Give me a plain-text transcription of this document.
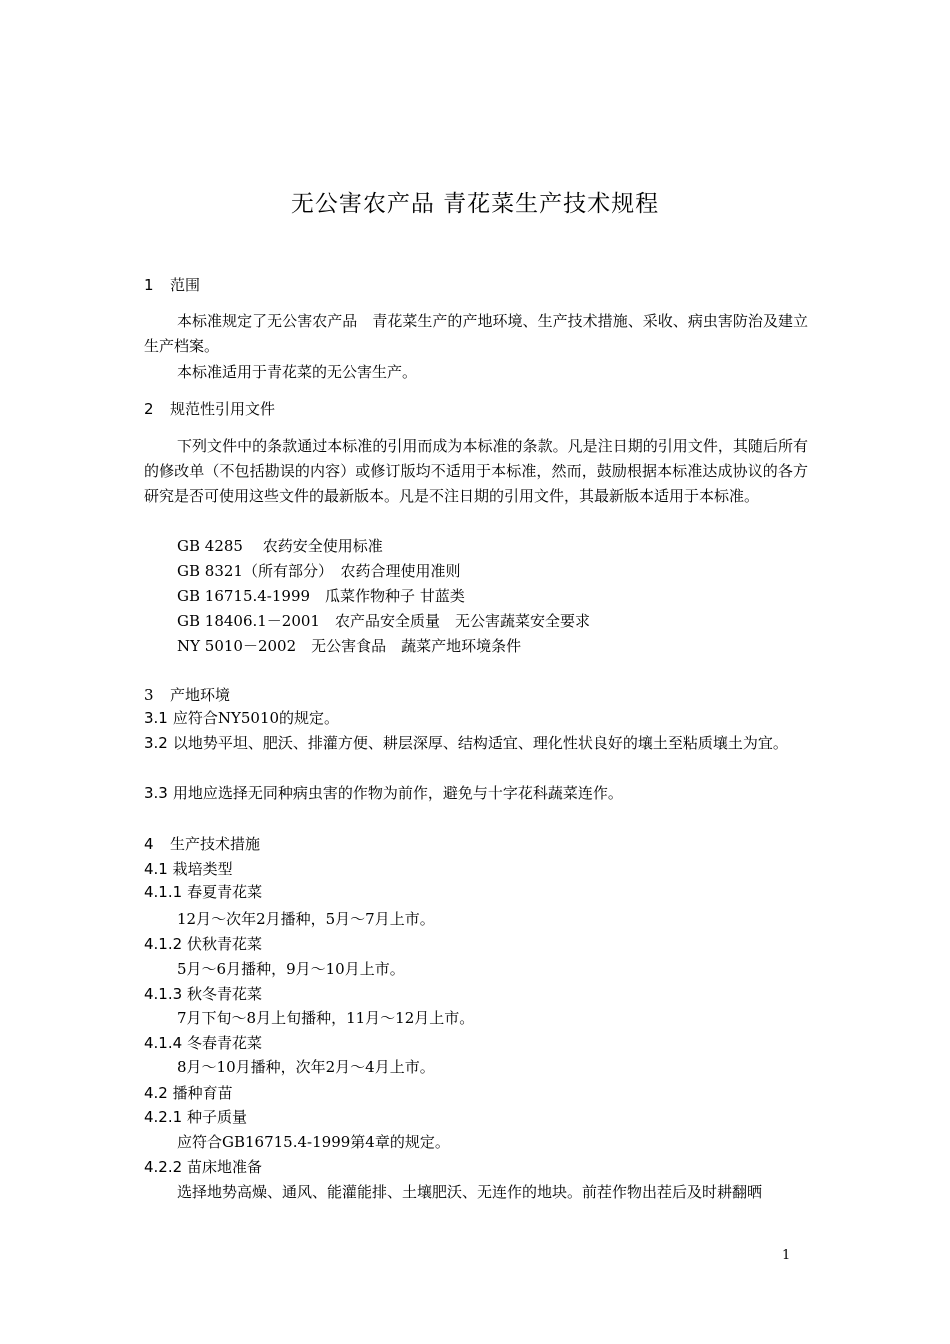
无公害农产品 青花菜生产技术规程
1 范围
本标准规定了无公害农产品　青花菜生产的产地环境、生产技术措施、采收、病虫害防治及建立生产档案。
本标准适用于青花菜的无公害生产。
2 规范性引用文件
下列文件中的条款通过本标准的引用而成为本标准的条款。凡是注日期的引用文件，其随后所有的修改单（不包括勘误的内容）或修订版均不适用于本标准，然而，鼓励根据本标准达成协议的各方研究是否可使用这些文件的最新版本。凡是不注日期的引用文件，其最新版本适用于本标准。
GB 4285　 农药安全使用标准
GB 8321（所有部分）　农药合理使用准则
GB 16715.4-1999　瓜菜作物种子 甘蓝类
GB 18406.1－2001　农产品安全质量　无公害蔬菜安全要求
NY 5010－2002　无公害食品　蔬菜产地环境条件
3 产地环境
3.1 应符合NY5010的规定。
3.2 以地势平坦、肥沃、排灌方便、耕层深厚、结构适宜、理化性状良好的壤土至粘质壤土为宜。
3.3 用地应选择无同种病虫害的作物为前作，避免与十字花科蔬菜连作。
4 生产技术措施
4.1 栽培类型
4.1.1 春夏青花菜
12月～次年2月播种，5月～7月上市。
4.1.2 伏秋青花菜
5月～6月播种，9月～10月上市。
4.1.3 秋冬青花菜
7月下旬～8月上旬播种，11月～12月上市。
4.1.4 冬春青花菜
8月～10月播种，次年2月～4月上市。
4.2 播种育苗
4.2.1 种子质量
应符合GB16715.4-1999第4章的规定。
4.2.2 苗床地准备
选择地势高燥、通风、能灌能排、土壤肥沃、无连作的地块。前茬作物出茬后及时耕翻晒
1
